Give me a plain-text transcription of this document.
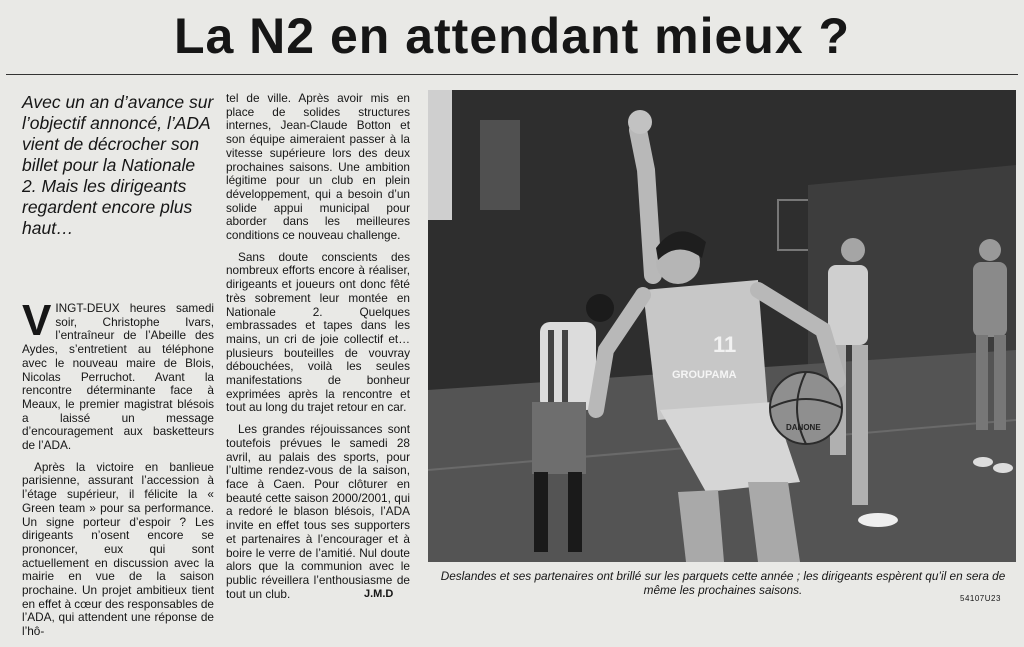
La N2 en attendant mieux ?
Avec un an d’avance sur l’objectif annoncé, l’ADA vient de décrocher son billet pour la Nationale 2. Mais les dirigeants regardent encore plus haut…

VINGT-DEUX heures samedi soir, Christophe Ivars, l’entraîneur de l’Abeille des Aydes, s’entretient au téléphone avec le nouveau maire de Blois, Nicolas Perruchot. Avant la rencontre déterminante face à Meaux, le premier magistrat blésois a laissé un message d’encouragement aux basketteurs de l’ADA.

Après la victoire en banlieue parisienne, assurant l’accession à l’étage supérieur, il félicite la « Green team » pour sa performance. Un signe porteur d’espoir ? Les dirigeants n’osent encore se prononcer, eux qui sont actuellement en discussion avec la mairie en vue de la saison prochaine. Un projet ambitieux tient en effet à cœur des responsables de l’ADA, qui attendent une réponse de l’hô-

tel de ville. Après avoir mis en place de solides structures internes, Jean-Claude Botton et son équipe aimeraient passer à la vitesse supérieure lors des deux prochaines saisons. Une ambition légitime pour un club en plein développement, qui a besoin d’un solide appui municipal pour aborder dans les meilleures conditions ce nouveau challenge.

Sans doute conscients des nombreux efforts encore à réaliser, dirigeants et joueurs ont donc fêté très sobrement leur montée en Nationale 2. Quelques embrassades et tapes dans les mains, un cri de joie collectif et… plusieurs bouteilles de vouvray débouchées, voilà les seules manifestations de bonheur exprimées après la rencontre et tout au long du trajet retour en car.

Les grandes réjouissances sont toutefois prévues le samedi 28 avril, au palais des sports, pour l’ultime rendez-vous de la saison, face à Caen. Pour clôturer en beauté cette saison 2000/2001, qui a redoré le blason blésois, l’ADA invite en effet tous ses supporters et partenaires à l’encourager et à boire le verre de l’amitié. Nul doute alors que la communion avec le public réveillera l’enthousiasme de tout un club.	J.M.D
11
GROUPAMA
DANONE
Deslandes et ses partenaires ont brillé sur les parquets cette année ; les dirigeants espèrent qu’il en sera de même les prochaines saisons.
54107U23
